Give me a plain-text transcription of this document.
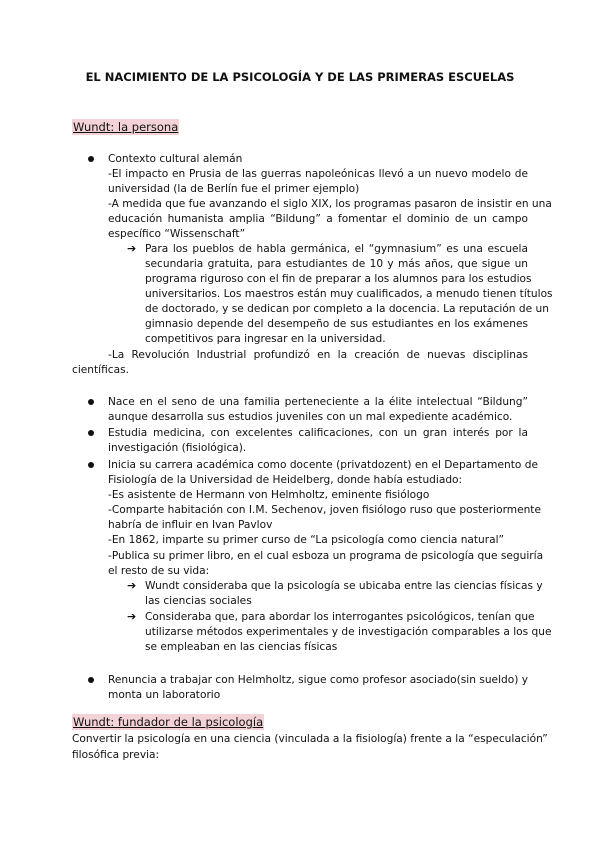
EL NACIMIENTO DE LA PSICOLOGÍA Y DE LAS PRIMERAS ESCUELAS
Wundt: la persona
Contexto cultural alemán
-El impacto en Prusia de las guerras napoleónicas llevó a un nuevo modelo de
universidad (la de Berlín fue el primer ejemplo)
-A medida que fue avanzando el siglo XIX, los programas pasaron de insistir en una
educación humanista amplia “Bildung” a fomentar el dominio de un campo
específico “Wissenschaft”
➔ Para los pueblos de habla germánica, el “gymnasium” es una escuela
secundaria gratuita, para estudiantes de 10 y más años, que sigue un
programa riguroso con el fin de preparar a los alumnos para los estudios
universitarios. Los maestros están muy cualificados, a menudo tienen títulos
de doctorado, y se dedican por completo a la docencia. La reputación de un
gimnasio depende del desempeño de sus estudiantes en los exámenes
competitivos para ingresar en la universidad.
-La Revolución Industrial profundizó en la creación de nuevas disciplinas
científicas.
Nace en el seno de una familia perteneciente a la élite intelectual “Bildung”
aunque desarrolla sus estudios juveniles con un mal expediente académico.
Estudia medicina, con excelentes calificaciones, con un gran interés por la
investigación (fisiológica).
Inicia su carrera académica como docente (privatdozent) en el Departamento de
Fisiología de la Universidad de Heidelberg, donde había estudiado:
-Es asistente de Hermann von Helmholtz, eminente fisiólogo
-Comparte habitación con I.M. Sechenov, joven fisiólogo ruso que posteriormente
habría de influir en Ivan Pavlov
-En 1862, imparte su primer curso de “La psicología como ciencia natural”
-Publica su primer libro, en el cual esboza un programa de psicología que seguiría
el resto de su vida:
➔ Wundt consideraba que la psicología se ubicaba entre las ciencias físicas y
las ciencias sociales
➔ Consideraba que, para abordar los interrogantes psicológicos, tenían que
utilizarse métodos experimentales y de investigación comparables a los que
se empleaban en las ciencias físicas
Renuncia a trabajar con Helmholtz, sigue como profesor asociado(sin sueldo) y
monta un laboratorio
Wundt: fundador de la psicología
Convertir la psicología en una ciencia (vinculada a la fisiología) frente a la “especulación”
filosófica previa:
